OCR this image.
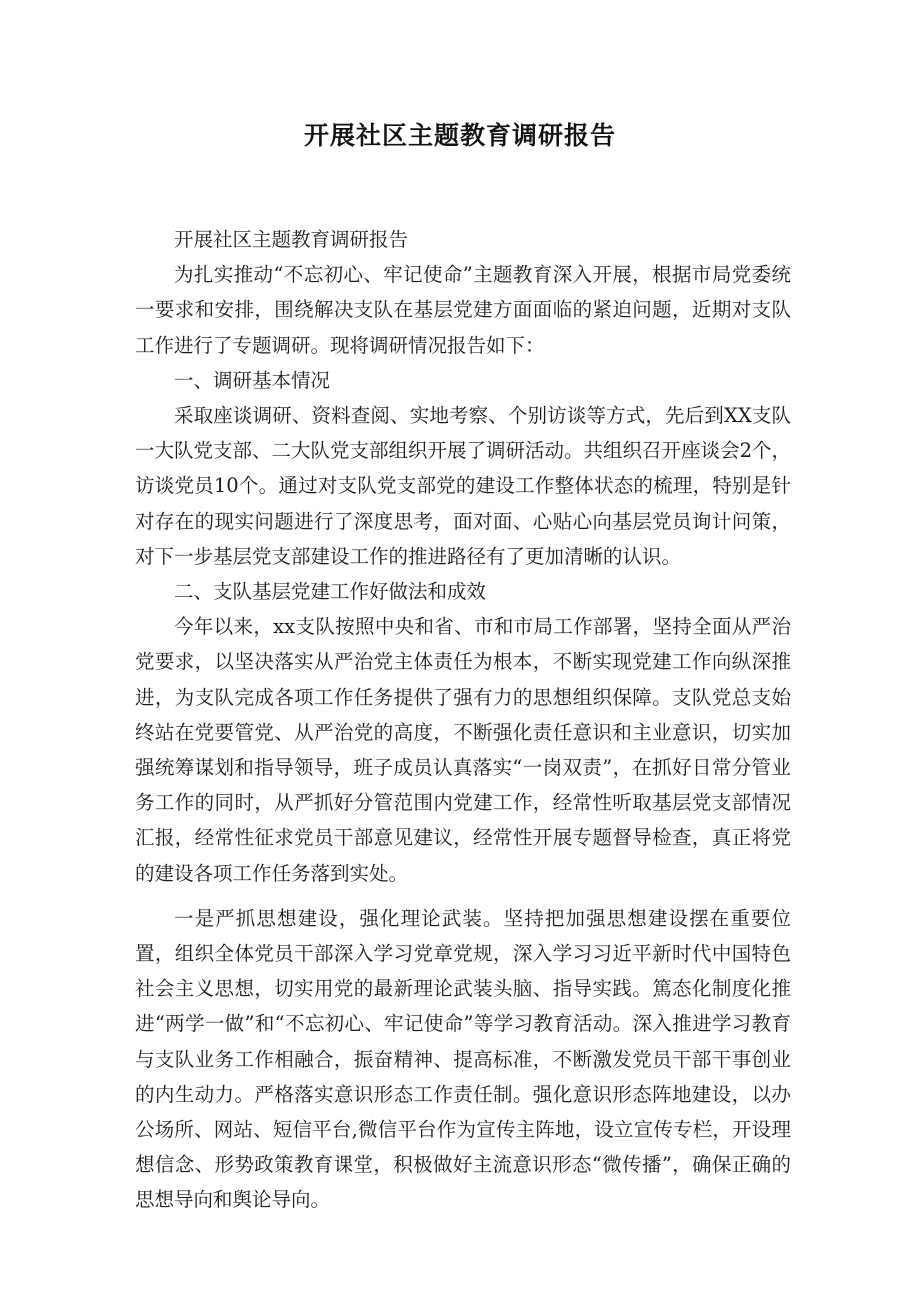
开展社区主题教育调研报告

开展社区主题教育调研报告

为扎实推动“不忘初心、牢记使命”主题教育深入开展，根据市局党委统一要求和安排，围绕解决支队在基层党建方面面临的紧迫问题，近期对支队工作进行了专题调研。现将调研情况报告如下：

一、调研基本情况

采取座谈调研、资料查阅、实地考察、个别访谈等方式，先后到XX支队一大队党支部、二大队党支部组织开展了调研活动。共组织召开座谈会2个，访谈党员10个。通过对支队党支部党的建设工作整体状态的梳理，特别是针对存在的现实问题进行了深度思考，面对面、心贴心向基层党员询计问策，对下一步基层党支部建设工作的推进路径有了更加清晰的认识。

二、支队基层党建工作好做法和成效

今年以来，xx支队按照中央和省、市和市局工作部署，坚持全面从严治党要求，以坚决落实从严治党主体责任为根本，不断实现党建工作向纵深推进，为支队完成各项工作任务提供了强有力的思想组织保障。支队党总支始终站在党要管党、从严治党的高度，不断强化责任意识和主业意识，切实加强统筹谋划和指导领导，班子成员认真落实“一岗双责”，在抓好日常分管业务工作的同时，从严抓好分管范围内党建工作，经常性听取基层党支部情况汇报，经常性征求党员干部意见建议，经常性开展专题督导检查，真正将党的建设各项工作任务落到实处。

一是严抓思想建设，强化理论武装。坚持把加强思想建设摆在重要位置，组织全体党员干部深入学习党章党规，深入学习习近平新时代中国特色社会主义思想，切实用党的最新理论武装头脑、指导实践。篤态化制度化推进“两学一做”和“不忘初心、牢记使命”等学习教育活动。深入推进学习教育与支队业务工作相融合，振奋精神、提高标准，不断激发党员干部干事创业的内生动力。严格落实意识形态工作责任制。强化意识形态阵地建设，以办公场所、网站、短信平台,微信平台作为宣传主阵地，设立宣传专栏，开设理想信念、形势政策教育课堂，积极做好主流意识形态“微传播”，确保正确的思想导向和舆论导向。
